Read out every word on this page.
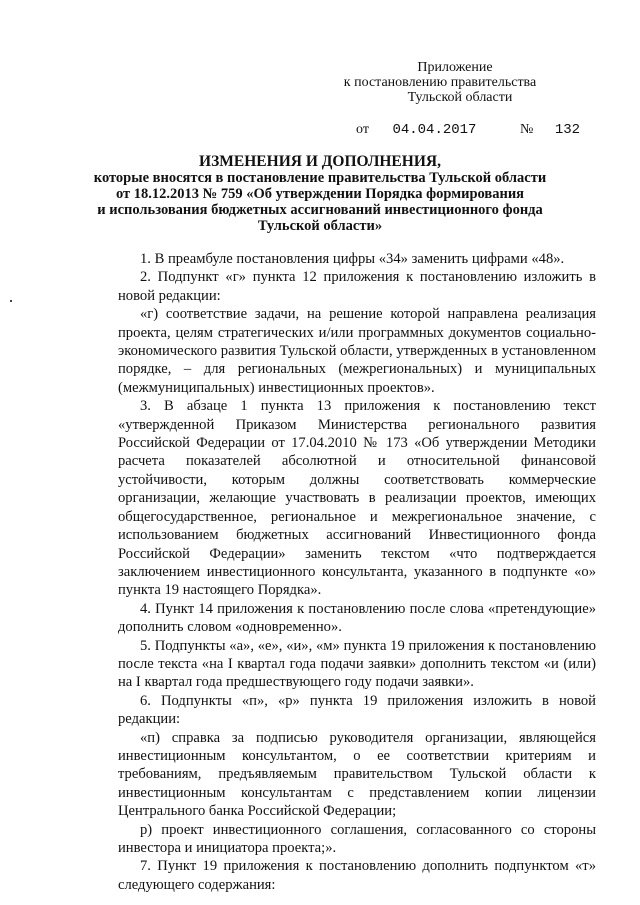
Приложение
к постановлению правительства
Тульской области
от 04.04.2017	№ 132
ИЗМЕНЕНИЯ И ДОПОЛНЕНИЯ,
которые вносятся в постановление правительства Тульской области
от 18.12.2013 № 759 «Об утверждении Порядка формирования
и использования бюджетных ассигнований инвестиционного фонда
Тульской области»

1. В преамбуле постановления цифры «34» заменить цифрами «48».

2. Подпункт «г» пункта 12 приложения к постановлению изложить в новой редакции:

«г) соответствие задачи, на решение которой направлена реализация проекта, целям стратегических и/или программных документов социально-экономического развития Тульской области, утвержденных в установленном порядке, – для региональных (межрегиональных) и муниципальных (межмуниципальных) инвестиционных проектов».

3. В абзаце 1 пункта 13 приложения к постановлению текст «утвержденной Приказом Министерства регионального развития Российской Федерации от 17.04.2010 № 173 «Об утверждении Методики расчета показателей абсолютной и относительной финансовой устойчивости, которым должны соответствовать коммерческие организации, желающие участвовать в реализации проектов, имеющих общегосударственное, региональное и межрегиональное значение, с использованием бюджетных ассигнований Инвестиционного фонда Российской Федерации» заменить текстом «что подтверждается заключением инвестиционного консультанта, указанного в подпункте «о» пункта 19 настоящего Порядка».

4. Пункт 14 приложения к постановлению после слова «претендующие» дополнить словом «одновременно».

5. Подпункты «а», «е», «и», «м» пункта 19 приложения к постановлению после текста «на I квартал года подачи заявки» дополнить текстом «и (или) на I квартал года предшествующего году подачи заявки».

6. Подпункты «п», «р» пункта 19 приложения изложить в новой редакции:

«п) справка за подписью руководителя организации, являющейся инвестиционным консультантом, о ее соответствии критериям и требованиям, предъявляемым правительством Тульской области к инвестиционным консультантам с представлением копии лицензии Центрального банка Российской Федерации;

р) проект инвестиционного соглашения, согласованного со стороны инвестора и инициатора проекта;».

7. Пункт 19 приложения к постановлению дополнить подпунктом «т» следующего содержания:
